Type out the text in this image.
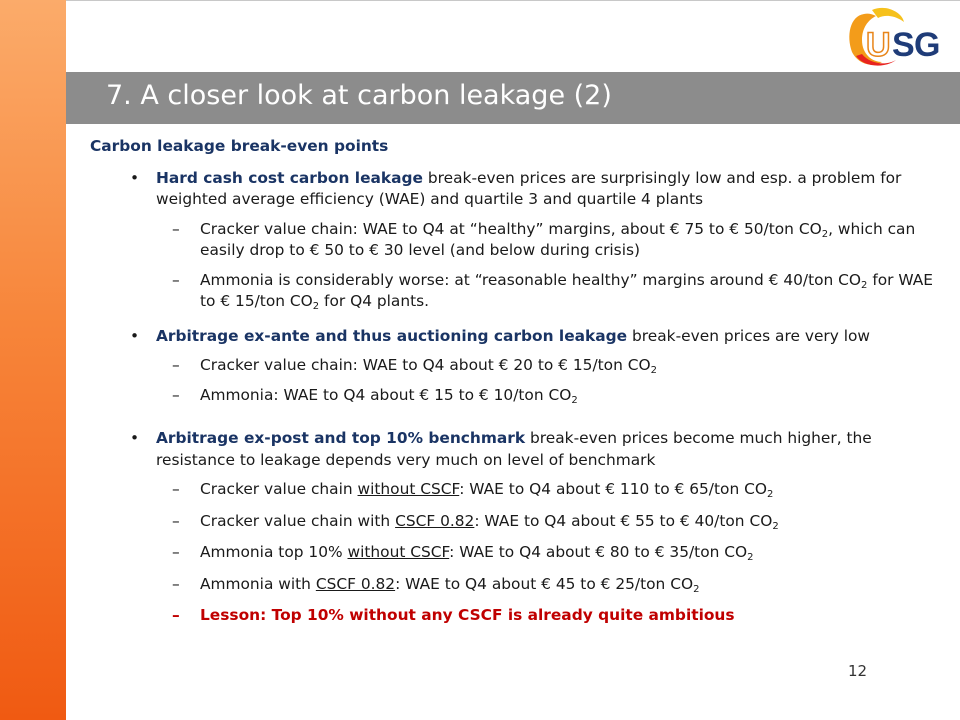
U S G
7. A closer look at carbon leakage (2)
Carbon leakage break-even points
• Hard cash cost carbon leakage break-even prices are surprisingly low and esp. a problem for weighted average efficiency (WAE) and quartile 3 and quartile 4 plants
– Cracker value chain: WAE to Q4 at “healthy” margins, about € 75 to € 50/ton $CO_2$, which can easily drop to € 50 to € 30 level (and below during crisis)
– Ammonia is considerably worse: at “reasonable healthy” margins around € 40/ton $CO_2$ for WAE to € 15/ton $CO_2$ for Q4 plants.
• Arbitrage ex-ante and thus auctioning carbon leakage break-even prices are very low
– Cracker value chain: WAE to Q4 about € 20 to € 15/ton $CO_2$
– Ammonia: WAE to Q4 about € 15 to € 10/ton $CO_2$
• Arbitrage ex-post and top 10% benchmark break-even prices become much higher, the resistance to leakage depends very much on level of benchmark
– Cracker value chain without CSCF: WAE to Q4 about € 110 to € 65/ton $CO_2$
– Cracker value chain with CSCF 0.82: WAE to Q4 about € 55 to € 40/ton $CO_2$
– Ammonia top 10% without CSCF: WAE to Q4 about € 80 to € 35/ton $CO_2$
– Ammonia with CSCF 0.82: WAE to Q4 about € 45 to € 25/ton $CO_2$
– Lesson: Top 10% without any CSCF is already quite ambitious
12
